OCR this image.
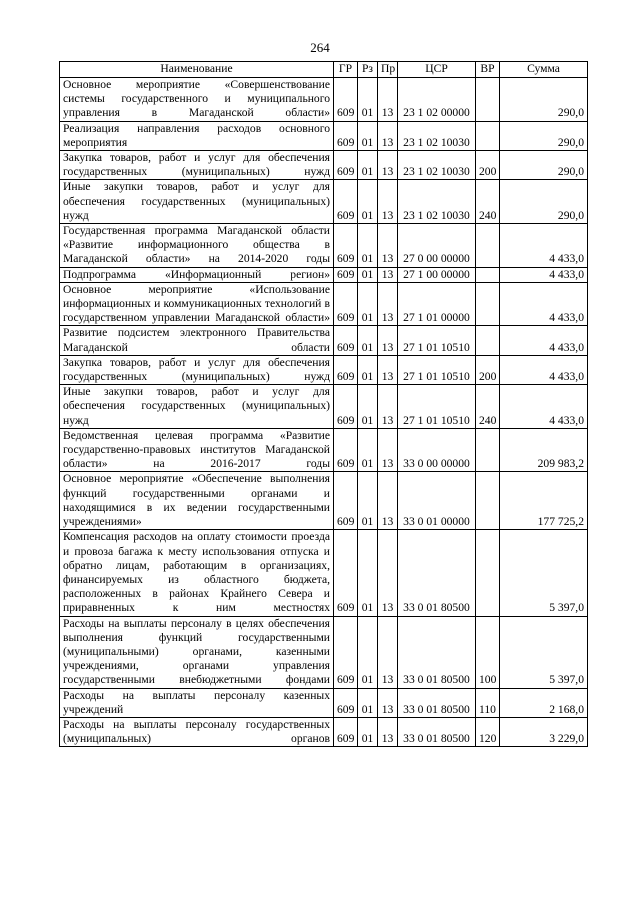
264
Наименование	ГР	Рз	Пр	ЦСР	ВР	Сумма
Основное мероприятие «Совершенствование системы государственного и муниципального управления в Магаданской области»	609	01	13	23 1 02 00000		290,0
Реализация направления расходов основного мероприятия	609	01	13	23 1 02 10030		290,0
Закупка товаров, работ и услуг для обеспечения государственных (муниципальных) нужд	609	01	13	23 1 02 10030	200	290,0
Иные закупки товаров, работ и услуг для обеспечения государственных (муниципальных) нужд	609	01	13	23 1 02 10030	240	290,0
Государственная программа Магаданской области «Развитие информационного общества в Магаданской области» на 2014-2020 годы	609	01	13	27 0 00 00000		4 433,0
Подпрограмма «Информационный регион»	609	01	13	27 1 00 00000		4 433,0
Основное мероприятие «Использование информационных и коммуникационных технологий в государственном управлении Магаданской области»	609	01	13	27 1 01 00000		4 433,0
Развитие подсистем электронного Правительства Магаданской области	609	01	13	27 1 01 10510		4 433,0
Закупка товаров, работ и услуг для обеспечения государственных (муниципальных) нужд	609	01	13	27 1 01 10510	200	4 433,0
Иные закупки товаров, работ и услуг для обеспечения государственных (муниципальных) нужд	609	01	13	27 1 01 10510	240	4 433,0
Ведомственная целевая программа «Развитие государственно-правовых институтов Магаданской области» на 2016-2017 годы	609	01	13	33 0 00 00000		209 983,2
Основное мероприятие «Обеспечение выполнения функций государственными органами и находящимися в их ведении государственными учреждениями»	609	01	13	33 0 01 00000		177 725,2
Компенсация расходов на оплату стоимости проезда и провоза багажа к месту использования отпуска и обратно лицам, работающим в организациях, финансируемых из областного бюджета, расположенных в районах Крайнего Севера и приравненных к ним местностях	609	01	13	33 0 01 80500		5 397,0
Расходы на выплаты персоналу в целях обеспечения выполнения функций государственными (муниципальными) органами, казенными учреждениями, органами управления государственными внебюджетными фондами	609	01	13	33 0 01 80500	100	5 397,0
Расходы на выплаты персоналу казенных учреждений	609	01	13	33 0 01 80500	110	2 168,0
Расходы на выплаты персоналу государственных (муниципальных) органов	609	01	13	33 0 01 80500	120	3 229,0
